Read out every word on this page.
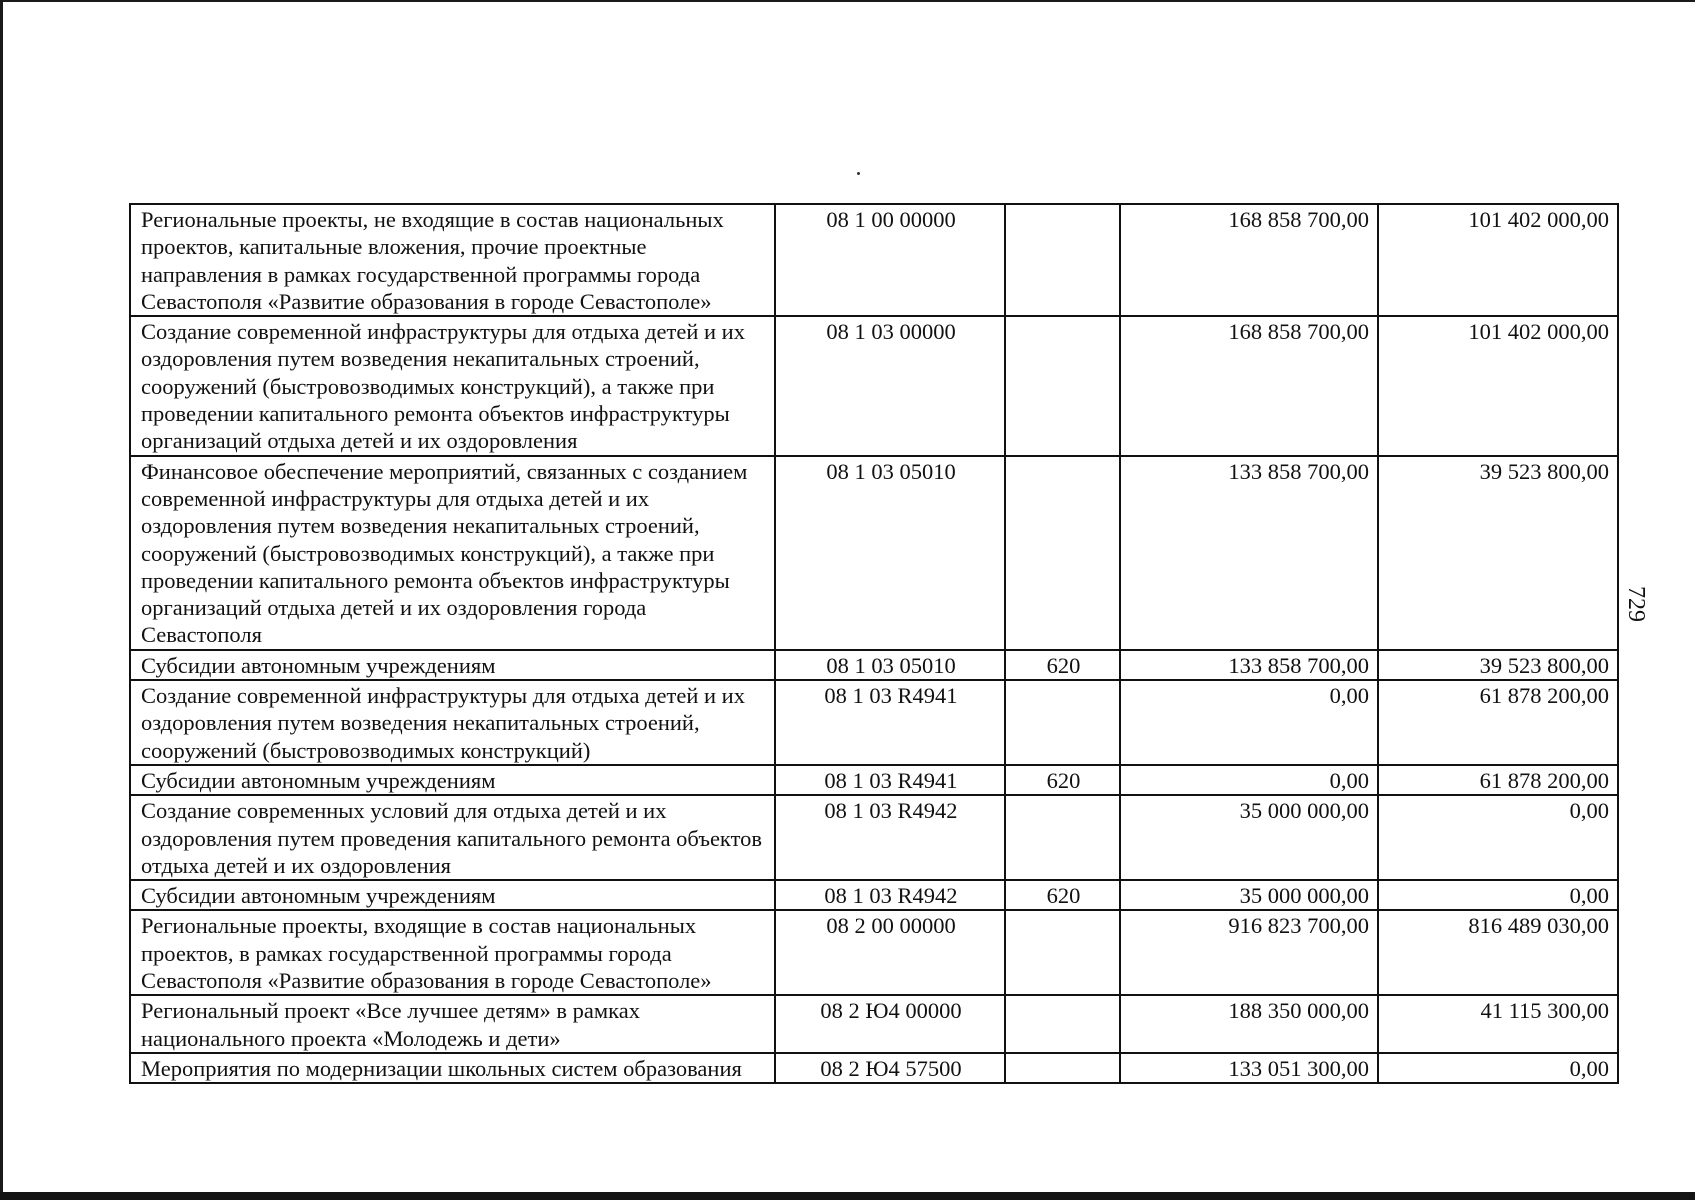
729
Региональные проекты, не входящие в состав национальных проектов, капитальные вложения, прочие проектные направления в рамках государственной программы города Севастополя «Развитие образования в городе Севастополе»	08 1 00 00000		168 858 700,00	101 402 000,00
Создание современной инфраструктуры для отдыха детей и их оздоровления путем возведения некапитальных строений, сооружений (быстровозводимых конструкций), а также при проведении капитального ремонта объектов инфраструктуры организаций отдыха детей и их оздоровления	08 1 03 00000		168 858 700,00	101 402 000,00
Финансовое обеспечение мероприятий, связанных с созданием современной инфраструктуры для отдыха детей и их оздоровления путем возведения некапитальных строений, сооружений (быстровозводимых конструкций), а также при проведении капитального ремонта объектов инфраструктуры организаций отдыха детей и их оздоровления города Севастополя	08 1 03 05010		133 858 700,00	39 523 800,00
Субсидии автономным учреждениям	08 1 03 05010	620	133 858 700,00	39 523 800,00
Создание современной инфраструктуры для отдыха детей и их оздоровления путем возведения некапитальных строений, сооружений (быстровозводимых конструкций)	08 1 03 R4941		0,00	61 878 200,00
Субсидии автономным учреждениям	08 1 03 R4941	620	0,00	61 878 200,00
Создание современных условий для отдыха детей и их оздоровления путем проведения капитального ремонта объектов отдыха детей и их оздоровления	08 1 03 R4942		35 000 000,00	0,00
Субсидии автономным учреждениям	08 1 03 R4942	620	35 000 000,00	0,00
Региональные проекты, входящие в состав национальных проектов, в рамках государственной программы города Севастополя «Развитие образования в городе Севастополе»	08 2 00 00000		916 823 700,00	816 489 030,00
Региональный проект «Все лучшее детям» в рамках национального проекта «Молодежь и дети»	08 2 Ю4 00000		188 350 000,00	41 115 300,00
Мероприятия по модернизации школьных систем образования	08 2 Ю4 57500		133 051 300,00	0,00
